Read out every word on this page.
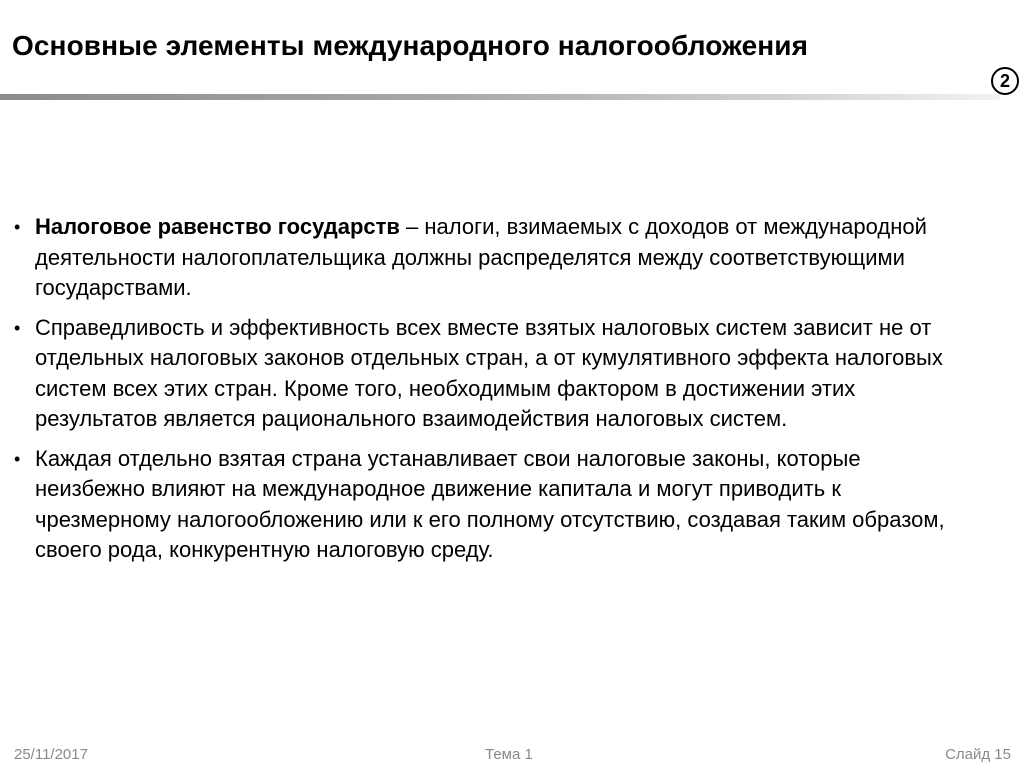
Основные элементы международного налогообложения
2
• Налоговое равенство государств – налоги, взимаемых с доходов от международной деятельности налогоплательщика должны распределятся между соответствующими государствами.
• Справедливость и эффективность всех вместе взятых налоговых систем зависит не от отдельных налоговых законов отдельных стран, а от кумулятивного эффекта налоговых систем всех этих стран. Кроме того, необходимым фактором в достижении этих результатов является рационального взаимодействия налоговых систем.
• Каждая отдельно взятая страна устанавливает свои налоговые законы, которые неизбежно влияют на международное движение капитала и могут приводить к чрезмерному налогообложению или к его полному отсутствию, создавая таким образом, своего рода, конкурентную налоговую среду.
25/11/2017	Тема 1	Слайд 15
